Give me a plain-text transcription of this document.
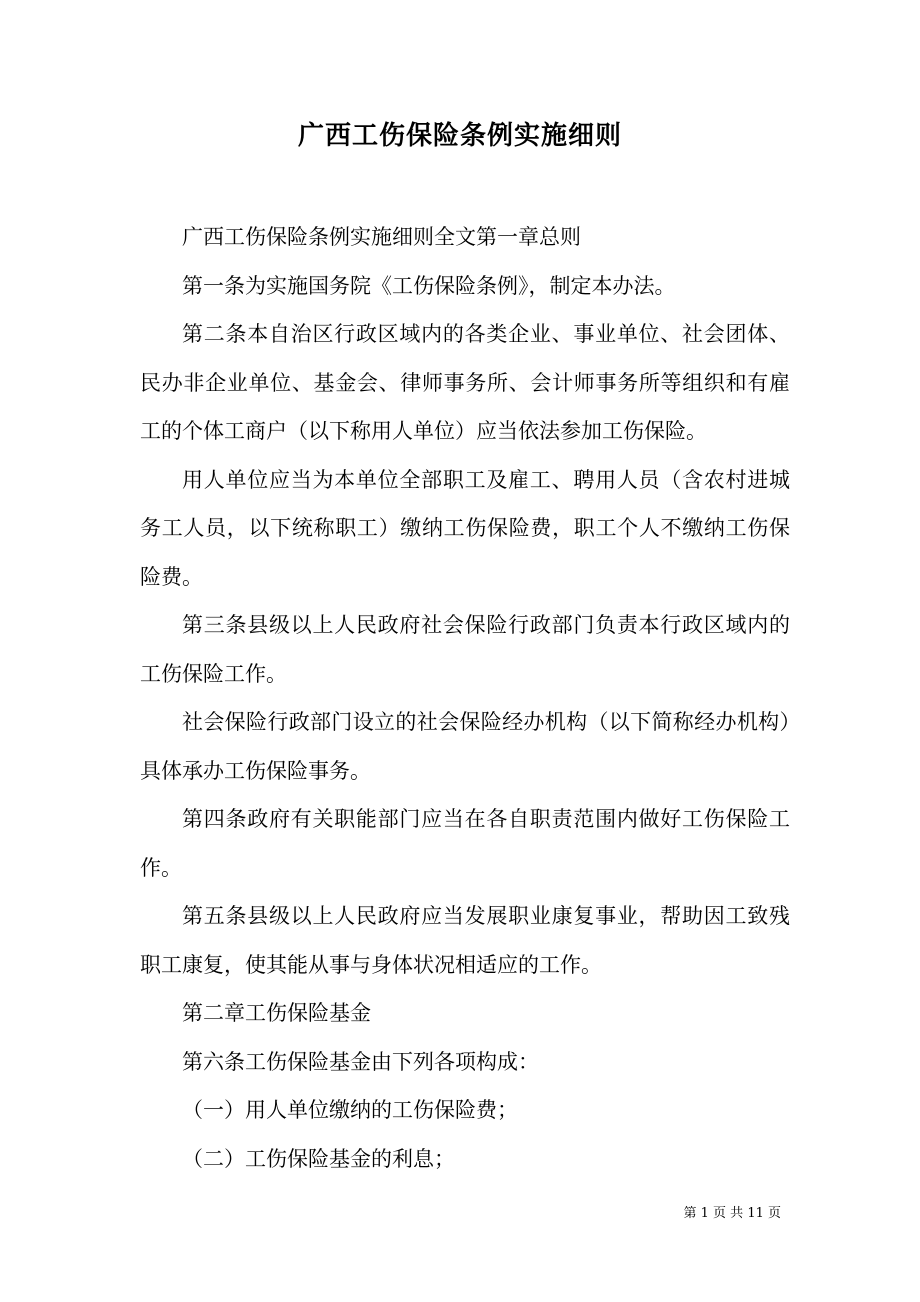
广西工伤保险条例实施细则

广西工伤保险条例实施细则全文第一章总则

第一条为实施国务院《工伤保险条例》，制定本办法。

第二条本自治区行政区域内的各类企业、事业单位、社会团体、民办非企业单位、基金会、律师事务所、会计师事务所等组织和有雇工的个体工商户（以下称用人单位）应当依法参加工伤保险。

用人单位应当为本单位全部职工及雇工、聘用人员（含农村进城务工人员，以下统称职工）缴纳工伤保险费，职工个人不缴纳工伤保险费。

第三条县级以上人民政府社会保险行政部门负责本行政区域内的工伤保险工作。

社会保险行政部门设立的社会保险经办机构（以下简称经办机构）具体承办工伤保险事务。

第四条政府有关职能部门应当在各自职责范围内做好工伤保险工作。

第五条县级以上人民政府应当发展职业康复事业，帮助因工致残职工康复，使其能从事与身体状况相适应的工作。

第二章工伤保险基金

第六条工伤保险基金由下列各项构成：

（一）用人单位缴纳的工伤保险费；

（二）工伤保险基金的利息；

第 1 页 共 11 页
